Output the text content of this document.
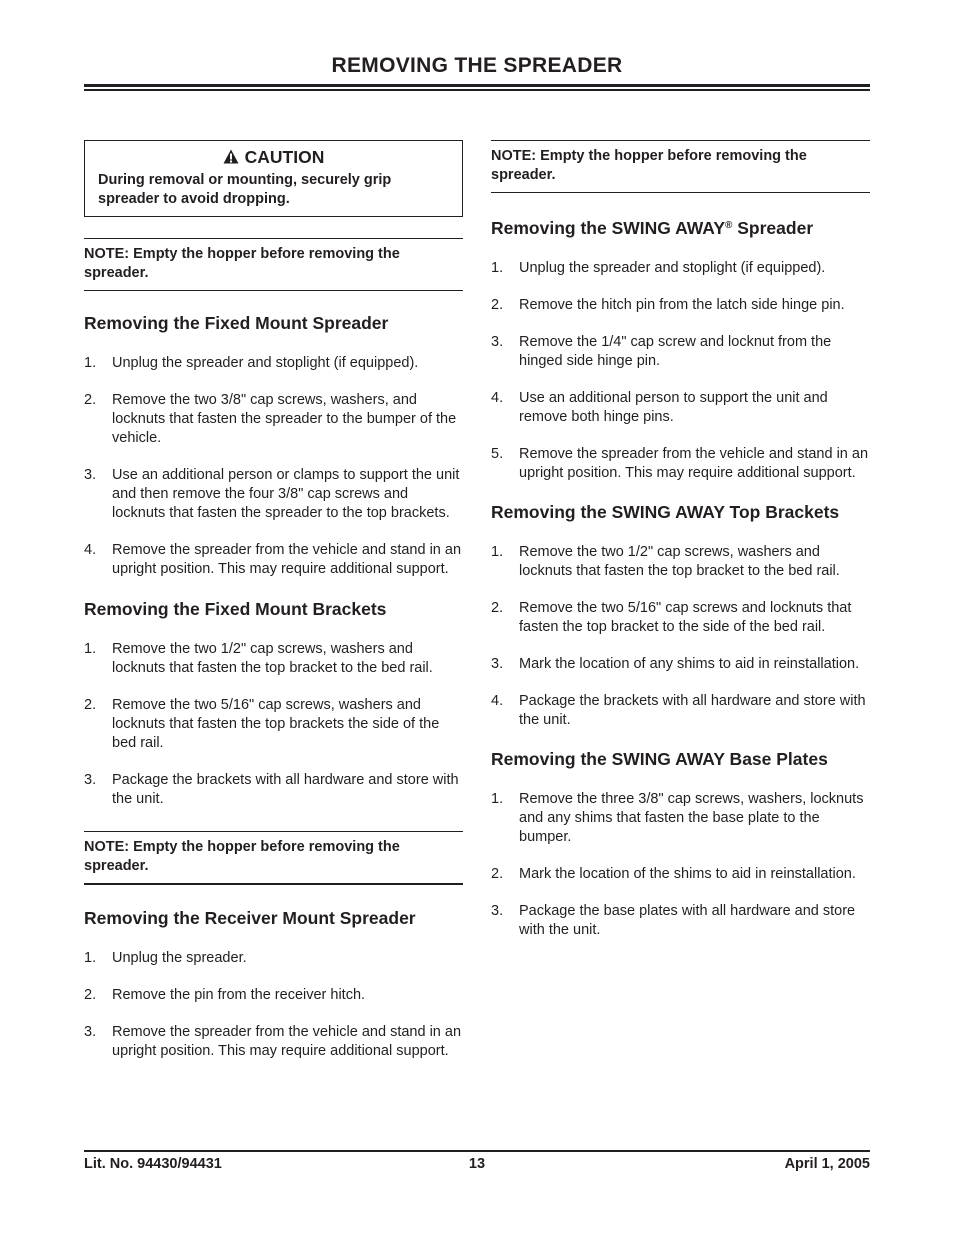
REMOVING THE SPREADER
CAUTION
During removal or mounting, securely grip spreader to avoid dropping.
NOTE: Empty the hopper before removing the spreader.
Removing the Fixed Mount Spreader
1. Unplug the spreader and stoplight (if equipped).
2. Remove the two 3/8" cap screws, washers, and locknuts that fasten the spreader to the bumper of the vehicle.
3. Use an additional person or clamps to support the unit and then remove the four 3/8" cap screws and locknuts that fasten the spreader to the top brackets.
4. Remove the spreader from the vehicle and stand in an upright position. This may require additional support.
Removing the Fixed Mount Brackets
1. Remove the two 1/2" cap screws, washers and locknuts that fasten the top bracket to the bed rail.
2. Remove the two 5/16" cap screws, washers and locknuts that fasten the top brackets the side of the bed rail.
3. Package the brackets with all hardware and store with the unit.
NOTE: Empty the hopper before removing the spreader.
Removing the Receiver Mount Spreader
1. Unplug the spreader.
2. Remove the pin from the receiver hitch.
3. Remove the spreader from the vehicle and stand in an upright position. This may require additional support.
NOTE: Empty the hopper before removing the spreader.
Removing the SWING AWAY® Spreader
1. Unplug the spreader and stoplight (if equipped).
2. Remove the hitch pin from the latch side hinge pin.
3. Remove the 1/4" cap screw and locknut from the hinged side hinge pin.
4. Use an additional person to support the unit and remove both hinge pins.
5. Remove the spreader from the vehicle and stand in an upright position. This may require additional support.
Removing the SWING AWAY Top Brackets
1. Remove the two 1/2" cap screws, washers and locknuts that fasten the top bracket to the bed rail.
2. Remove the two 5/16" cap screws and locknuts that fasten the top bracket to the side of the bed rail.
3. Mark the location of any shims to aid in reinstallation.
4. Package the brackets with all hardware and store with the unit.
Removing the SWING AWAY Base Plates
1. Remove the three 3/8" cap screws, washers, locknuts and any shims that fasten the base plate to the bumper.
2. Mark the location of the shims to aid in reinstallation.
3. Package the base plates with all hardware and store with the unit.
13
Lit. No. 94430/94431	April 1, 2005
